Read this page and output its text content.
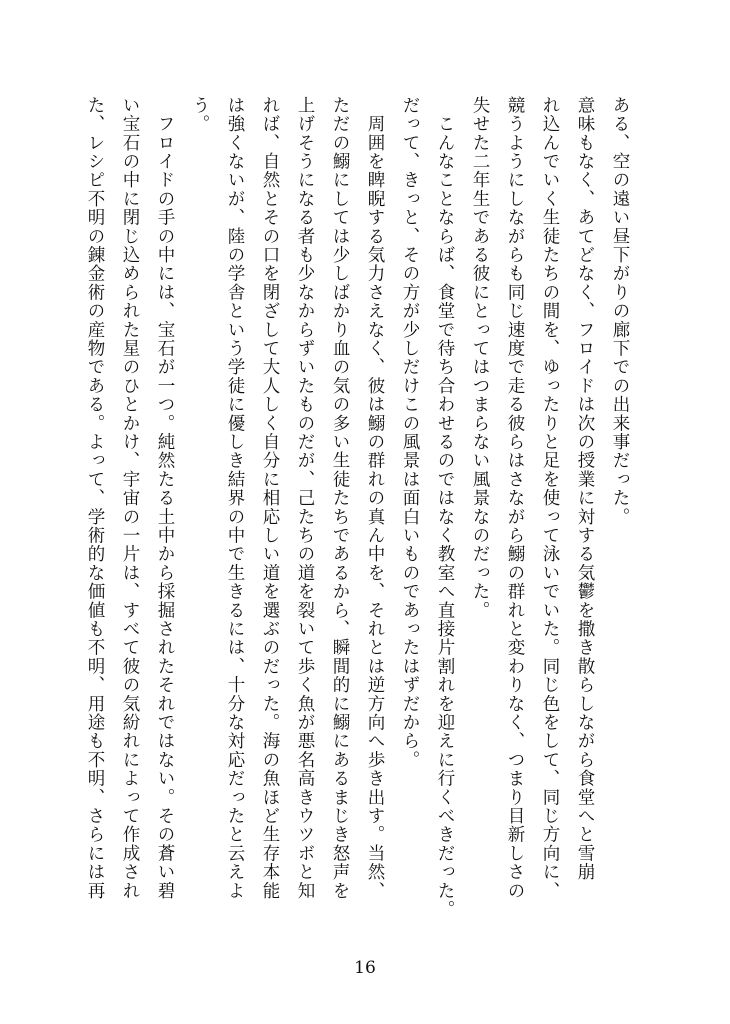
ある、空の遠い昼下がりの廊下での出来事だった。
意味もなく、あてどなく、フロイドは次の授業に対する気鬱を撒き散らしながら食堂へと雪崩
れ込んでいく生徒たちの間を、ゆったりと足を使って泳いでいた。同じ色をして、同じ方向に、
競うようにしながらも同じ速度で走る彼らはさながら鰯の群れと変わりなく、つまり目新しさの
失せた二年生である彼にとってはつまらない風景なのだった。
　こんなことならば、食堂で待ち合わせるのではなく教室へ直接片割れを迎えに行くべきだった。
だって、きっと、その方が少しだけこの風景は面白いものであったはずだから。
　周囲を睥睨する気力さえなく、彼は鰯の群れの真ん中を、それとは逆方向へ歩き出す。当然、
ただの鰯にしては少しばかり血の気の多い生徒たちであるから、瞬間的に鰯にあるまじき怒声を
上げそうになる者も少なからずいたものだが、己たちの道を裂いて歩く魚が悪名高きウツボと知
れば、自然とその口を閉ざして大人しく自分に相応しい道を選ぶのだった。海の魚ほど生存本能
は強くないが、陸の学舎という学徒に優しき結界の中で生きるには、十分な対応だったと云えよ
う。
　フロイドの手の中には、宝石が一つ。純然たる土中から採掘されたそれではない。その蒼い碧
い宝石の中に閉じ込められた星のひとかけ、宇宙の一片は、すべて彼の気紛れによって作成され
た、レシピ不明の錬金術の産物である。よって、学術的な価値も不明、用途も不明、さらには再
16
